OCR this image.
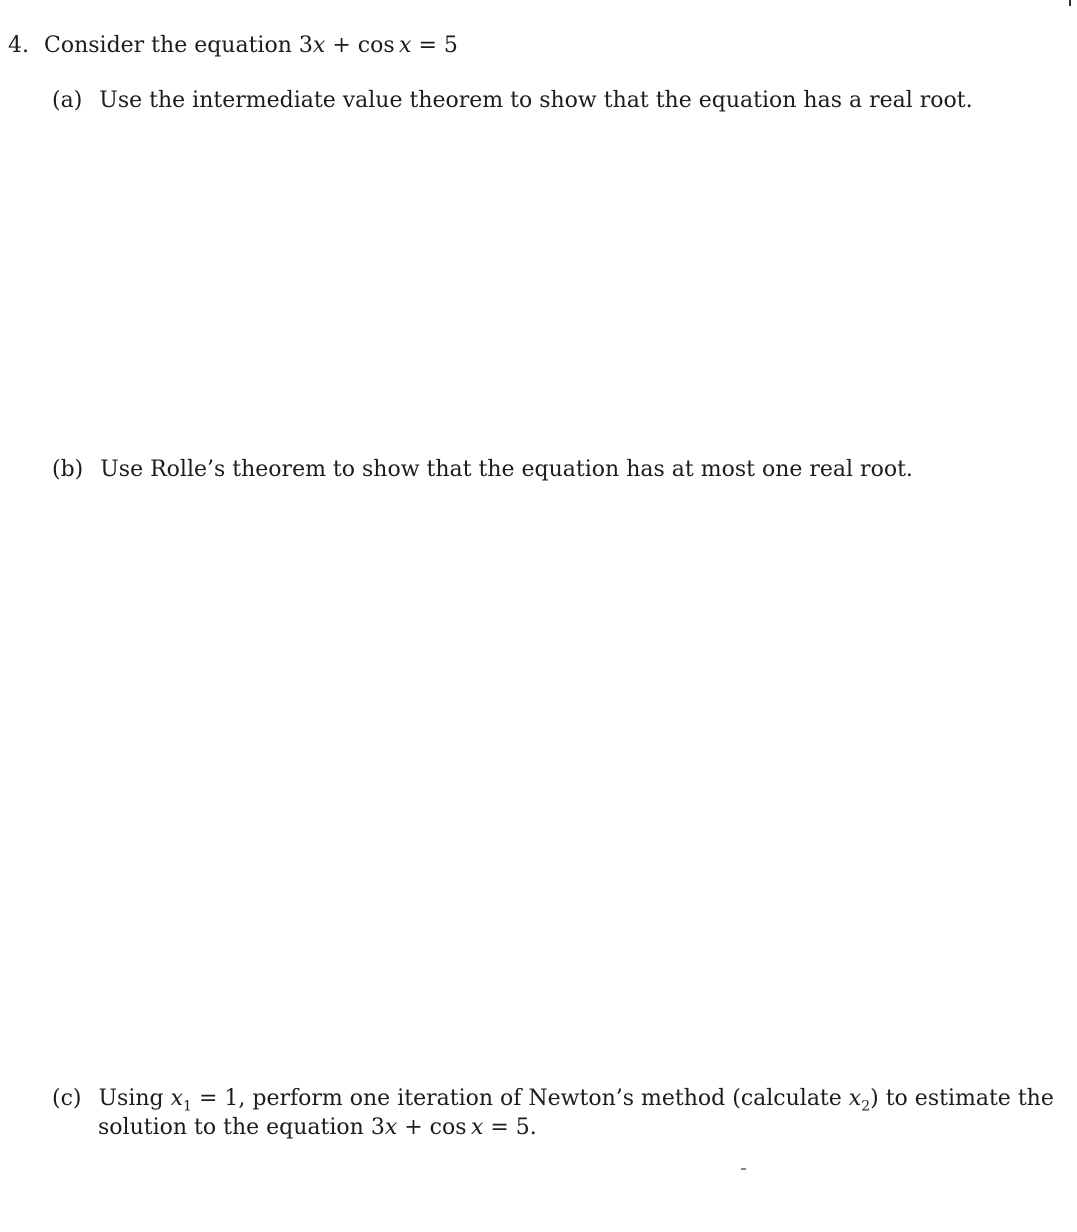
4. Consider the equation 3x + cos  x = 5
(a) Use the intermediate value theorem to show that the equation has a real root.
(b) Use Rolle’s theorem to show that the equation has at most one real root.
(c) Using $x_1 = 1$, perform one iteration of Newton’s method (calculate $x_2$) to estimate the
solution to the equation 3x + cos  x = 5.
